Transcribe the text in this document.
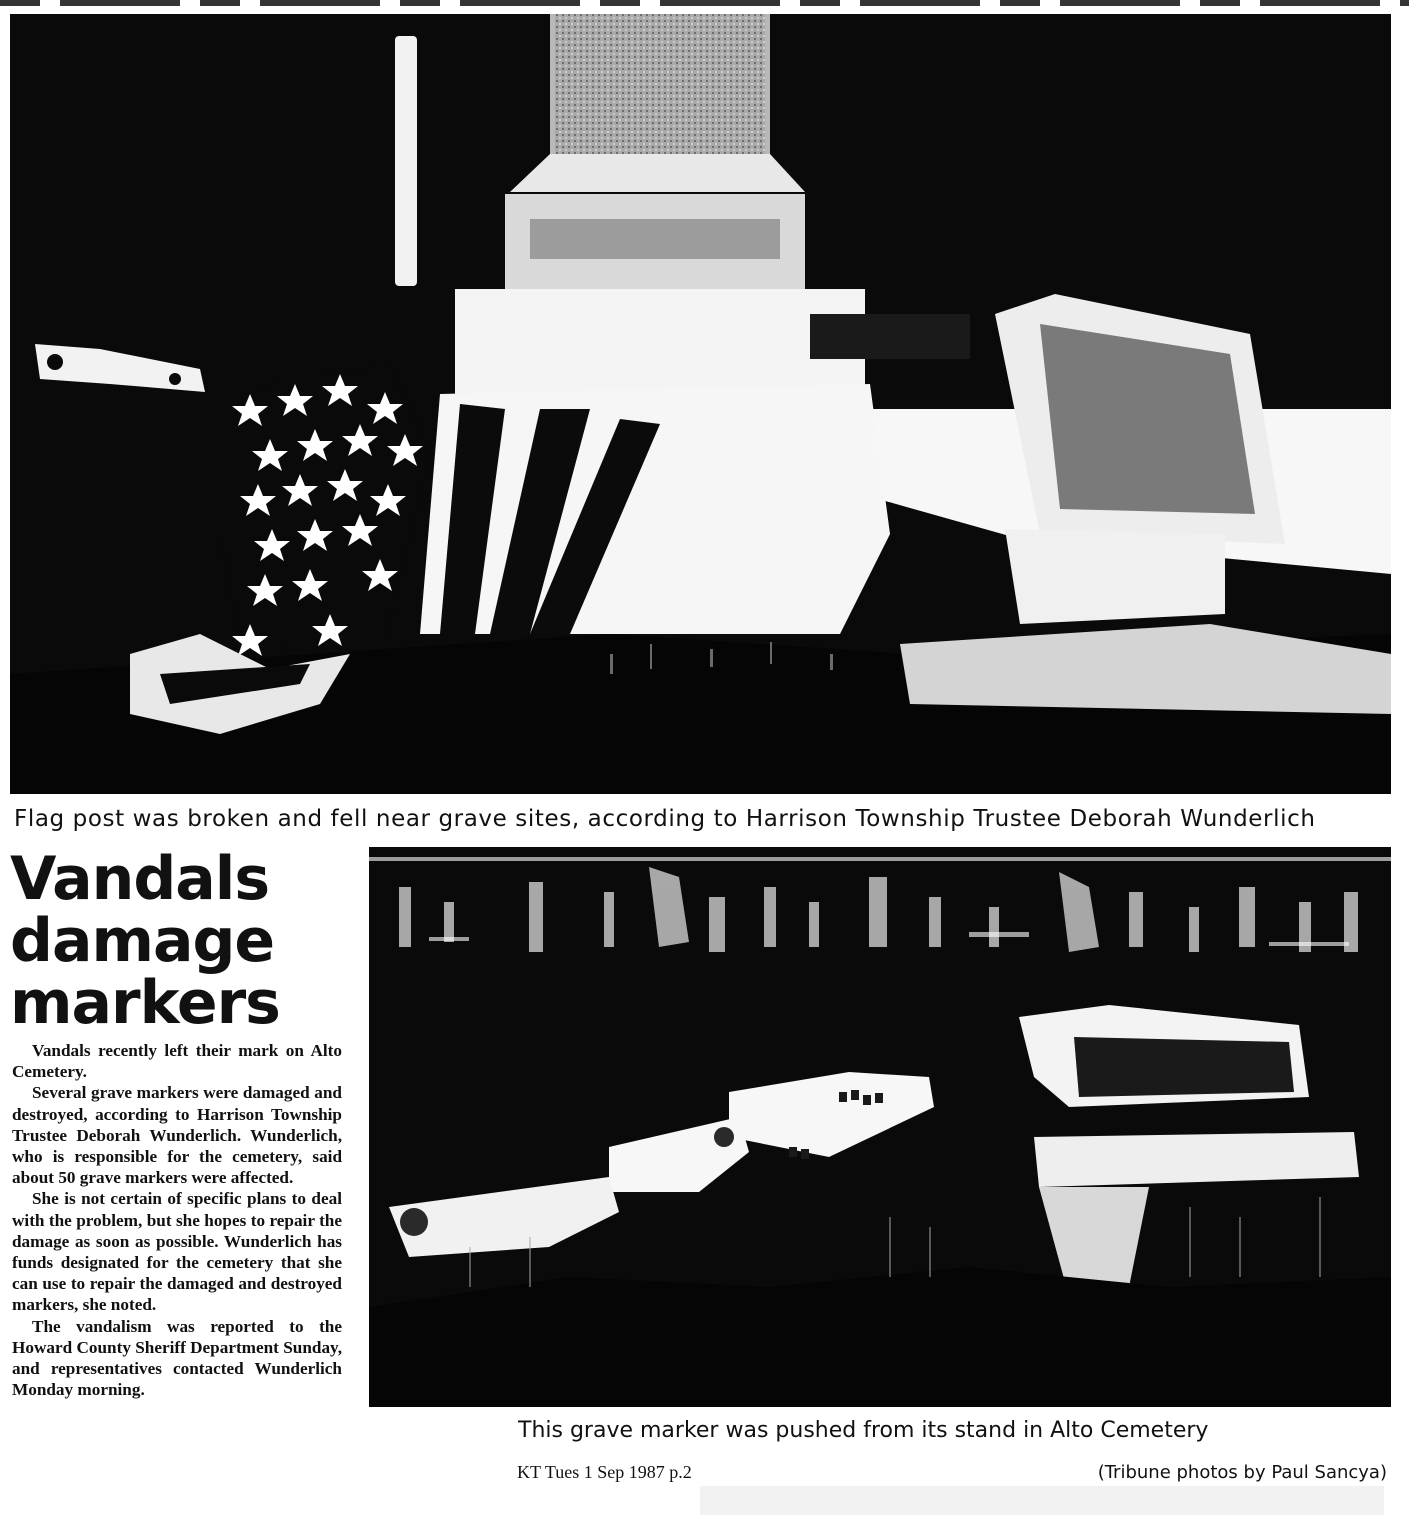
Flag post was broken and fell near grave sites, according to Harrison Township Trustee Deborah Wunderlich
Vandals
damage
markers

Vandals recently left their mark on Alto Cemetery.

Several grave markers were damaged and destroyed, according to Harrison Township Trustee Deborah Wunderlich. Wunderlich, who is responsible for the cemetery, said about 50 grave markers were affected.

She is not certain of specific plans to deal with the problem, but she hopes to repair the damage as soon as possible. Wunderlich has funds designated for the cemetery that she can use to repair the damaged and destroyed markers, she noted.

The vandalism was reported to the Howard County Sheriff Department Sunday, and representatives contacted Wunderlich Monday morning.

This grave marker was pushed from its stand in Alto Cemetery
KT Tues 1 Sep 1987 p.2	(Tribune photos by Paul Sancya)
